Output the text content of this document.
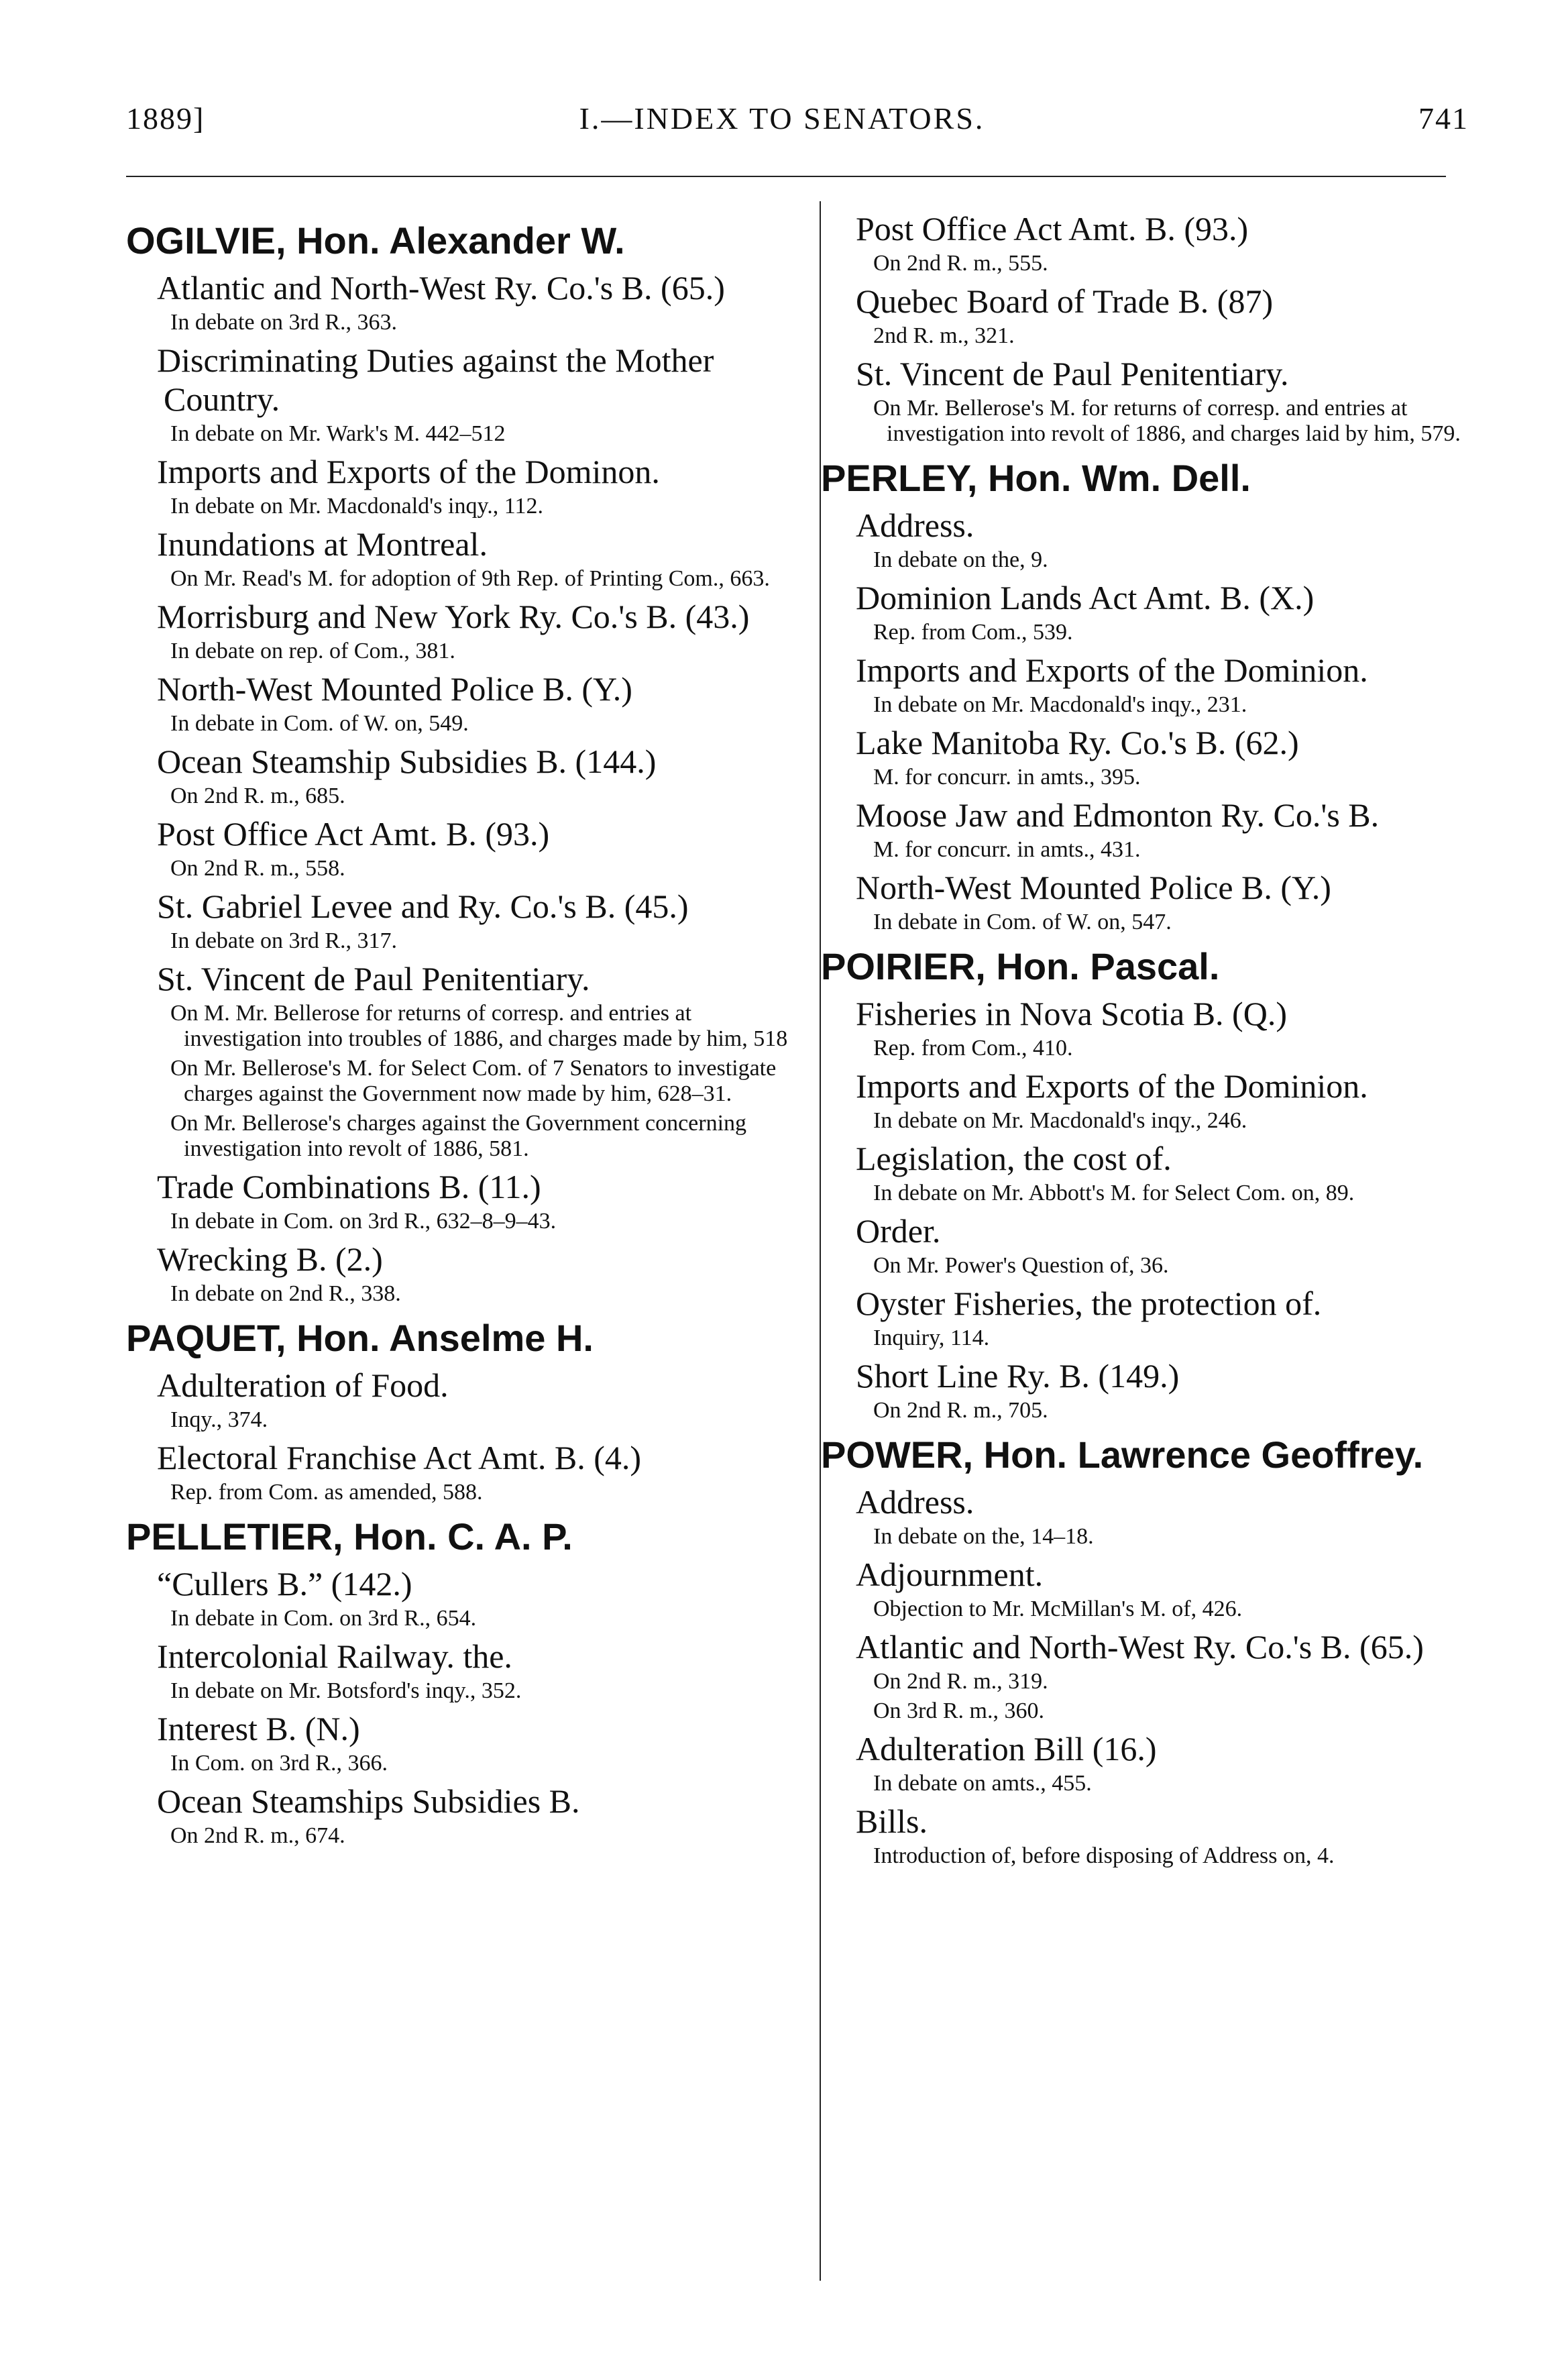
1889]	I.—INDEX TO SENATORS.	741
OGILVIE, Hon. Alexander W.
Atlantic and North-West Ry. Co.'s B. (65.)
In debate on 3rd R., 363.
Discriminating Duties against the Mother Country.
In debate on Mr. Wark's M. 442–512
Imports and Exports of the Dominon.
In debate on Mr. Macdonald's inqy., 112.
Inundations at Montreal.
On Mr. Read's M. for adoption of 9th Rep. of Printing Com., 663.
Morrisburg and New York Ry. Co.'s B. (43.)
In debate on rep. of Com., 381.
North-West Mounted Police B. (Y.)
In debate in Com. of W. on, 549.
Ocean Steamship Subsidies B. (144.)
On 2nd R. m., 685.
Post Office Act Amt. B. (93.)
On 2nd R. m., 558.
St. Gabriel Levee and Ry. Co.'s B. (45.)
In debate on 3rd R., 317.
St. Vincent de Paul Penitentiary.
On M. Mr. Bellerose for returns of corresp. and entries at investigation into troubles of 1886, and charges made by him, 518
On Mr. Bellerose's M. for Select Com. of 7 Senators to investigate charges against the Government now made by him, 628–31.
On Mr. Bellerose's charges against the Government concerning investigation into revolt of 1886, 581.
Trade Combinations B. (11.)
In debate in Com. on 3rd R., 632–8–9–43.
Wrecking B. (2.)
In debate on 2nd R., 338.
PAQUET, Hon. Anselme H.
Adulteration of Food.
Inqy., 374.
Electoral Franchise Act Amt. B. (4.)
Rep. from Com. as amended, 588.
PELLETIER, Hon. C. A. P.
“Cullers B.” (142.)
In debate in Com. on 3rd R., 654.
Intercolonial Railway. the.
In debate on Mr. Botsford's inqy., 352.
Interest B. (N.)
In Com. on 3rd R., 366.
Ocean Steamships Subsidies B.
On 2nd R. m., 674.
Post Office Act Amt. B. (93.)
On 2nd R. m., 555.
Quebec Board of Trade B. (87)
2nd R. m., 321.
St. Vincent de Paul Penitentiary.
On Mr. Bellerose's M. for returns of corresp. and entries at investigation into revolt of 1886, and charges laid by him, 579.
PERLEY, Hon. Wm. Dell.
Address.
In debate on the, 9.
Dominion Lands Act Amt. B. (X.)
Rep. from Com., 539.
Imports and Exports of the Dominion.
In debate on Mr. Macdonald's inqy., 231.
Lake Manitoba Ry. Co.'s B. (62.)
M. for concurr. in amts., 395.
Moose Jaw and Edmonton Ry. Co.'s B.
M. for concurr. in amts., 431.
North-West Mounted Police B. (Y.)
In debate in Com. of W. on, 547.
POIRIER, Hon. Pascal.
Fisheries in Nova Scotia B. (Q.)
Rep. from Com., 410.
Imports and Exports of the Dominion.
In debate on Mr. Macdonald's inqy., 246.
Legislation, the cost of.
In debate on Mr. Abbott's M. for Select Com. on, 89.
Order.
On Mr. Power's Question of, 36.
Oyster Fisheries, the protection of.
Inquiry, 114.
Short Line Ry. B. (149.)
On 2nd R. m., 705.
POWER, Hon. Lawrence Geoffrey.
Address.
In debate on the, 14–18.
Adjournment.
Objection to Mr. McMillan's M. of, 426.
Atlantic and North-West Ry. Co.'s B. (65.)
On 2nd R. m., 319.
On 3rd R. m., 360.
Adulteration Bill (16.)
In debate on amts., 455.
Bills.
Introduction of, before disposing of Address on, 4.
